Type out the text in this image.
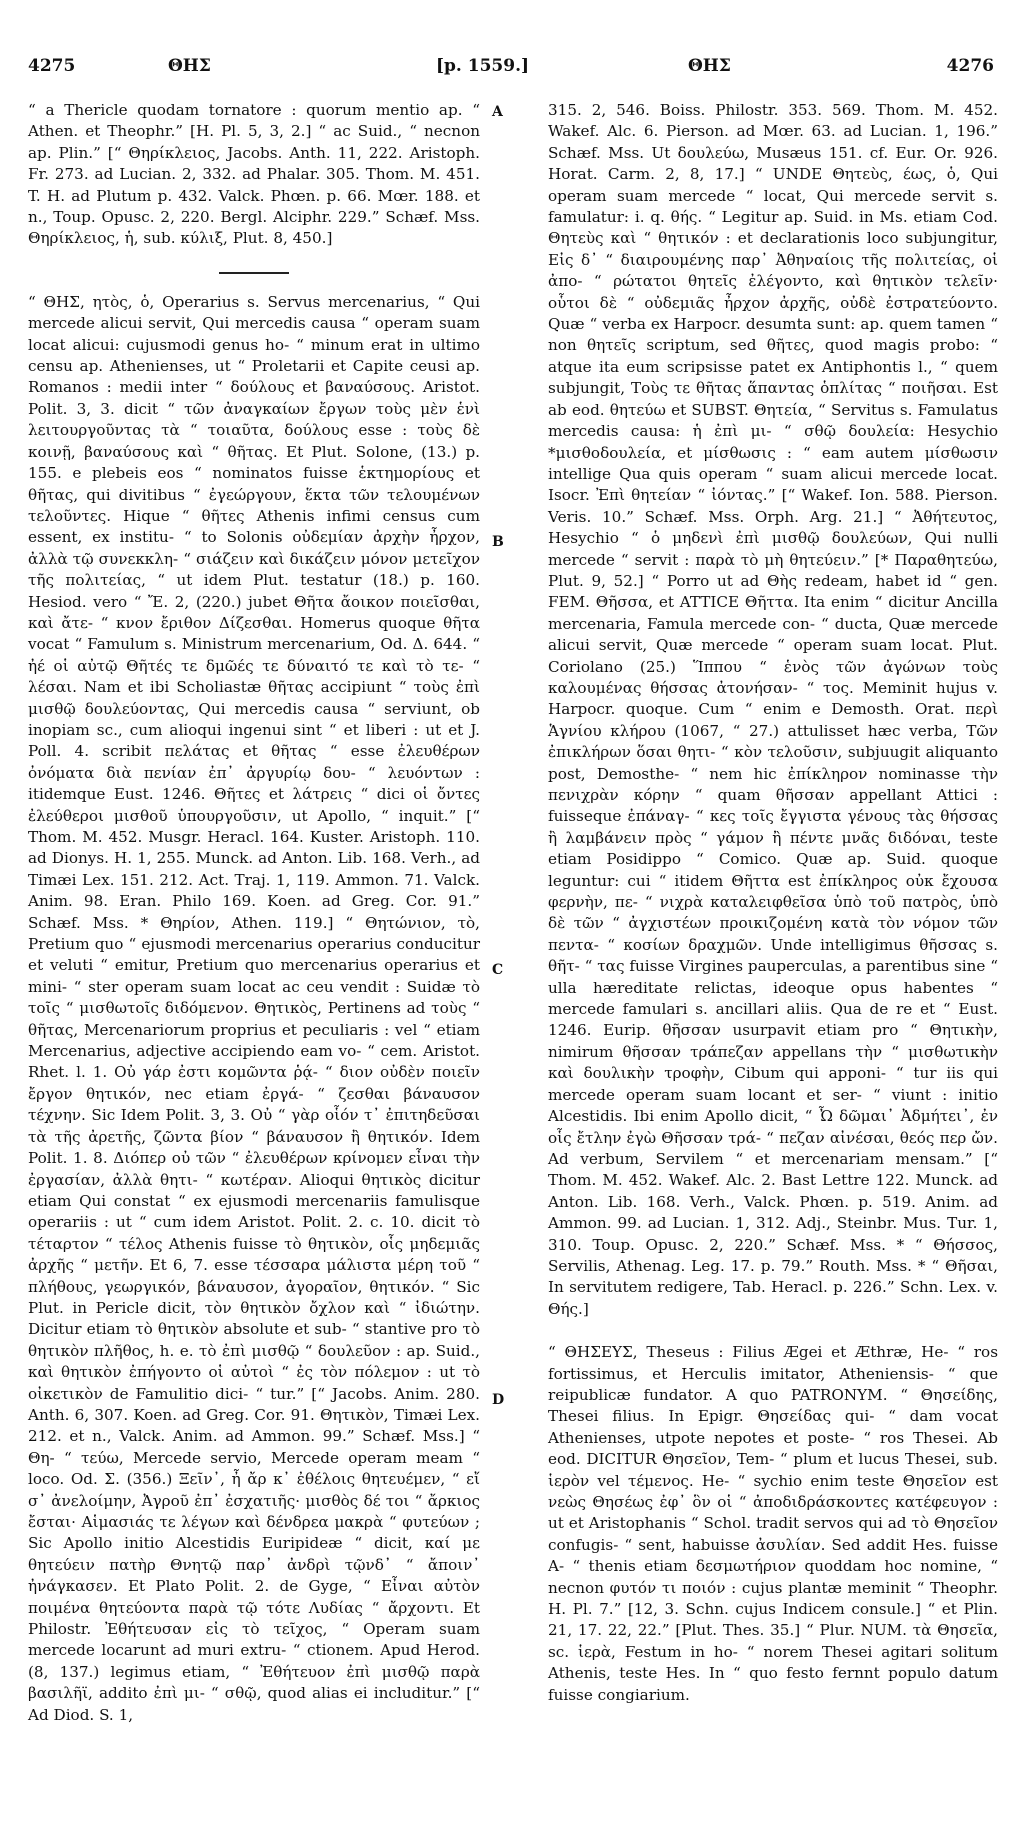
4275	ΘΗΣ	[p. 1559.]	ΘΗΣ	4276
A
B
C
D

“ a Thericle quodam tornatore : quorum mentio ap. “ Athen. et Theophr.” [H. Pl. 5, 3, 2.] “ ac Suid., “ necnon ap. Plin.” [“ Θηρίκλειος, Jacobs. Anth. 11, 222. Aristoph. Fr. 273. ad Lucian. 2, 332. ad Phalar. 305. Thom. M. 451. T. H. ad Plutum p. 432. Valck. Phœn. p. 66. Mœr. 188. et n., Toup. Opusc. 2, 220. Bergl. Alciphr. 229.” Schæf. Mss. Θηρίκλειος, ἡ, sub. κύλιξ, Plut. 8, 450.]

“ ΘΗΣ, ητὸς, ὁ, Operarius s. Servus mercenarius, “ Qui mercede alicui servit, Qui mercedis causa “ operam suam locat alicui: cujusmodi genus ho- “ minum erat in ultimo censu ap. Athenienses, ut “ Proletarii et Capite ceusi ap. Romanos : medii inter “ δούλους et βαναύσους. Aristot. Polit. 3, 3. dicit “ τῶν ἀναγκαίων ἔργων τοὺς μὲν ἑνὶ λειτουργοῦντας τὰ “ τοιαῦτα, δούλους esse : τοὺς δὲ κοινῇ, βαναύσους καὶ “ θῆτας. Et Plut. Solone, (13.) p. 155. e plebeis eos “ nominatos fuisse ἑκτημορίους et θῆτας, qui divitibus “ ἐγεώργουν, ἕκτα τῶν τελουμένων τελοῦντες. Hique “ θῆτες Athenis infimi census cum essent, ex institu- “ to Solonis οὐδεμίαν ἀρχὴν ἦρχον, ἀλλὰ τῷ συνεκκλη- “ σιάζειν καὶ δικάζειν μόνον μετεῖχον τῆς πολιτείας, “ ut idem Plut. testatur (18.) p. 160. Hesiod. vero “ Ἔ. 2, (220.) jubet Θῆτα ἄοικον ποιεῖσθαι, καὶ ἄτε- “ κνον ἔριθον Δίζεσθαι. Homerus quoque θῆτα vocat “ Famulum s. Ministrum mercenarium, Od. Δ. 644. “ ἠέ οἱ αὐτῷ Θῆτές τε δμῶές τε δύναιτό τε καὶ τὸ τε- “ λέσαι. Nam et ibi Scholiastæ θῆτας accipiunt “ τοὺς ἐπὶ μισθῷ δουλεύοντας, Qui mercedis causa “ serviunt, ob inopiam sc., cum alioqui ingenui sint “ et liberi : ut et J. Poll. 4. scribit πελάτας et θῆτας “ esse ἐλευθέρων ὀνόματα διὰ πενίαν ἐπ᾽ ἀργυρίῳ δου- “ λευόντων : itidemque Eust. 1246. Θῆτες et λάτρεις “ dici οἱ ὄντες ἐλεύθεροι μισθοῦ ὑπουργοῦσιν, ut Apollo, “ inquit.” [“ Thom. M. 452. Musgr. Heracl. 164. Kuster. Aristoph. 110. ad Dionys. H. 1, 255. Munck. ad Anton. Lib. 168. Verh., ad Timæi Lex. 151. 212. Act. Traj. 1, 119. Ammon. 71. Valck. Anim. 98. Eran. Philo 169. Koen. ad Greg. Cor. 91.” Schæf. Mss. * Θηρίον, Athen. 119.] “ Θητώνιον, τὸ, Pretium quo “ ejusmodi mercenarius operarius conducitur et veluti “ emitur, Pretium quo mercenarius operarius et mini- “ ster operam suam locat ac ceu vendit : Suidæ τὸ τοῖς “ μισθωτοῖς διδόμενον. Θητικὸς, Pertinens ad τοὺς “ θῆτας, Mercenariorum proprius et peculiaris : vel “ etiam Mercenarius, adjective accipiendo eam vo- “ cem. Aristot. Rhet. l. 1. Οὐ γάρ ἐστι κομῶντα ῥᾴ- “ διον οὐδὲν ποιεῖν ἔργον θητικόν, nec etiam ἐργά- “ ζεσθαι βάναυσον τέχνην. Sic Idem Polit. 3, 3. Οὐ “ γὰρ οἷόν τ᾽ ἐπιτηδεῦσαι τὰ τῆς ἀρετῆς, ζῶντα βίον “ βάναυσον ἢ θητικόν. Idem Polit. 1. 8. Διόπερ οὐ τῶν “ ἐλευθέρων κρίνομεν εἶναι τὴν ἐργασίαν, ἀλλὰ θητι- “ κωτέραν. Alioqui θητικὸς dicitur etiam Qui constat “ ex ejusmodi mercenariis famulisque operariis : ut “ cum idem Aristot. Polit. 2. c. 10. dicit τὸ τέταρτον “ τέλος Athenis fuisse τὸ θητικὸν, οἷς μηδεμιᾶς ἀρχῆς “ μετῆν. Et 6, 7. esse τέσσαρα μάλιστα μέρη τοῦ “ πλήθους, γεωργικόν, βάναυσον, ἀγοραῖον, θητικόν. “ Sic Plut. in Pericle dicit, τὸν θητικὸν ὄχλον καὶ “ ἰδιώτην. Dicitur etiam τὸ θητικὸν absolute et sub- “ stantive pro τὸ θητικὸν πλῆθος, h. e. τὸ ἐπὶ μισθῷ “ δουλεῦον : ap. Suid., καὶ θητικὸν ἐπήγοντο οἱ αὐτοὶ “ ἐς τὸν πόλεμον : ut τὸ οἰκετικὸν de Famulitio dici- “ tur.” [“ Jacobs. Anim. 280. Anth. 6, 307. Koen. ad Greg. Cor. 91. Θητικὸν, Timæi Lex. 212. et n., Valck. Anim. ad Ammon. 99.” Schæf. Mss.] “ Θη- “ τεύω, Mercede servio, Mercede operam meam “ loco. Od. Σ. (356.) Ξεῖν᾽, ἦ ἄρ κ᾽ ἐθέλοις θητευέμεν, “ εἴ σ᾽ ἀνελοίμην, Ἀγροῦ ἐπ᾽ ἐσχατιῆς· μισθὸς δέ τοι “ ἄρκιος ἔσται· Αἱμασιάς τε λέγων καὶ δένδρεα μακρὰ “ φυτεύων ; Sic Apollo initio Alcestidis Euripideæ “ dicit, καί με θητεύειν πατὴρ Θνητῷ παρ᾽ ἀνδρὶ τῷνδ᾽ “ ἄποιν᾽ ἠνάγκασεν. Et Plato Polit. 2. de Gyge, “ Εἶναι αὐτὸν ποιμένα θητεύοντα παρὰ τῷ τότε Λυδίας “ ἄρχοντι. Et Philostr. Ἐθήτευσαν εἰς τὸ τεῖχος, “ Operam suam mercede locarunt ad muri extru- “ ctionem. Apud Herod. (8, 137.) legimus etiam, “ Ἐθήτευον ἐπὶ μισθῷ παρὰ βασιλῆϊ, addito ἐπὶ μι- “ σθῷ, quod alias ei includitur.” [“ Ad Diod. S. 1,

315. 2, 546. Boiss. Philostr. 353. 569. Thom. M. 452. Wakef. Alc. 6. Pierson. ad Mœr. 63. ad Lucian. 1, 196.” Schæf. Mss. Ut δουλεύω, Musæus 151. cf. Eur. Or. 926. Horat. Carm. 2, 8, 17.] “ UNDE Θητεὺς, έως, ὁ, Qui operam suam mercede “ locat, Qui mercede servit s. famulatur: i. q. θής. “ Legitur ap. Suid. in Ms. etiam Cod. Θητεὺς καὶ “ θητικόν : et declarationis loco subjungitur, Εἰς δ᾽ “ διαιρουμένης παρ᾽ Ἀθηναίοις τῆς πολιτείας, οἱ ἀπο- “ ρώτατοι θητεῖς ἐλέγοντο, καὶ θητικὸν τελεῖν· οὗτοι δὲ “ οὐδεμιᾶς ἦρχον ἀρχῆς, οὐδὲ ἐστρατεύοντο. Quæ “ verba ex Harpocr. desumta sunt: ap. quem tamen “ non θητεῖς scriptum, sed θῆτες, quod magis probo: “ atque ita eum scripsisse patet ex Antiphontis l., “ quem subjungit, Τοὺς τε θῆτας ἅπαντας ὁπλίτας “ ποιῆσαι. Est ab eod. θητεύω et SUBST. Θητεία, “ Servitus s. Famulatus mercedis causa: ἡ ἐπὶ μι- “ σθῷ δουλεία: Hesychio *μισθοδουλεία, et μίσθωσις : “ eam autem μίσθωσιν intellige Qua quis operam “ suam alicui mercede locat. Isocr. Ἐπὶ θητείαν “ ἰόντας.” [“ Wakef. Ion. 588. Pierson. Veris. 10.” Schæf. Mss. Orph. Arg. 21.] “ Ἀθήτευτος, Hesychio “ ὁ μηδενὶ ἐπὶ μισθῷ δουλεύων, Qui nulli mercede “ servit : παρὰ τὸ μὴ θητεύειν.” [* Παραθητεύω, Plut. 9, 52.] “ Porro ut ad Θὴς redeam, habet id “ gen. FEM. Θῆσσα, et ATTICE Θῆττα. Ita enim “ dicitur Ancilla mercenaria, Famula mercede con- “ ducta, Quæ mercede alicui servit, Quæ mercede “ operam suam locat. Plut. Coriolano (25.) Ἵππου “ ἑνὸς τῶν ἀγώνων τοὺς καλουμένας θήσσας ἀτονήσαν- “ τος. Meminit hujus v. Harpocr. quoque. Cum “ enim e Demosth. Orat. περὶ Ἁγνίου κλήρου (1067, “ 27.) attulisset hæc verba, Τῶν ἐπικλήρων ὅσαι θητι- “ κὸν τελοῦσιν, subjuugit aliquanto post, Demosthe- “ nem hic ἐπίκληρον nominasse τὴν πενιχρὰν κόρην “ quam θῆσσαν appellant Attici : fuisseque ἐπάναγ- “ κες τοῖς ἔγγιστα γένους τὰς θήσσας ἢ λαμβάνειν πρὸς “ γάμον ἢ πέντε μνᾶς διδόναι, teste etiam Posidippo “ Comico. Quæ ap. Suid. quoque leguntur: cui “ itidem Θῆττα est ἐπίκληρος οὐκ ἔχουσα φερνὴν, πε- “ νιχρὰ καταλειφθεῖσα ὑπὸ τοῦ πατρὸς, ὑπὸ δὲ τῶν “ ἀγχιστέων προικιζομένη κατὰ τὸν νόμον τῶν πεντα- “ κοσίων δραχμῶν. Unde intelligimus θῆσσας s. θῆτ- “ τας fuisse Virgines pauperculas, a parentibus sine “ ulla hæreditate relictas, ideoque opus habentes “ mercede famulari s. ancillari aliis. Qua de re et “ Eust. 1246. Eurip. θῆσσαν usurpavit etiam pro “ Θητικὴν, nimirum θῆσσαν τράπεζαν appellans τὴν “ μισθωτικὴν καὶ δουλικὴν τροφὴν, Cibum qui apponi- “ tur iis qui mercede operam suam locant et ser- “ viunt : initio Alcestidis. Ibi enim Apollo dicit, “ Ὦ δῶμαι᾽ Ἀδμήτει᾽, ἐν οἷς ἔτλην ἐγὼ Θῆσσαν τρά- “ πεζαν αἰνέσαι, θεός περ ὤν. Ad verbum, Servilem “ et mercenariam mensam.” [“ Thom. M. 452. Wakef. Alc. 2. Bast Lettre 122. Munck. ad Anton. Lib. 168. Verh., Valck. Phœn. p. 519. Anim. ad Ammon. 99. ad Lucian. 1, 312. Adj., Steinbr. Mus. Tur. 1, 310. Toup. Opusc. 2, 220.” Schæf. Mss. * “ Θήσσος, Servilis, Athenag. Leg. 17. p. 79.” Routh. Mss. * “ Θῆσαι, In servitutem redigere, Tab. Heracl. p. 226.” Schn. Lex. v. Θής.]

“ ΘΗΣΕΥΣ, Theseus : Filius Ægei et Æthræ, He- “ ros fortissimus, et Herculis imitator, Atheniensis- “ que reipublicæ fundator. A quo PATRONYM. “ Θησείδης, Thesei filius. In Epigr. Θησείδας qui- “ dam vocat Athenienses, utpote nepotes et poste- “ ros Thesei. Ab eod. DICITUR Θησεῖον, Tem- “ plum et lucus Thesei, sub. ἱερὸν vel τέμενος. He- “ sychio enim teste Θησεῖον est νεὼς Θησέως ἐφ᾽ ὃν οἱ “ ἀποδιδράσκοντες κατέφευγον : ut et Aristophanis “ Schol. tradit servos qui ad τὸ Θησεῖον confugis- “ sent, habuisse ἀσυλίαν. Sed addit Hes. fuisse A- “ thenis etiam δεσμωτήριον quoddam hoc nomine, “ necnon φυτόν τι ποιόν : cujus plantæ meminit “ Theophr. H. Pl. 7.” [12, 3. Schn. cujus Indicem consule.] “ et Plin. 21, 17. 22, 22.” [Plut. Thes. 35.] “ Plur. NUM. τὰ Θησεῖα, sc. ἱερὰ, Festum in ho- “ norem Thesei agitari solitum Athenis, teste Hes. In “ quo festo fernnt populo datum fuisse congiarium.
